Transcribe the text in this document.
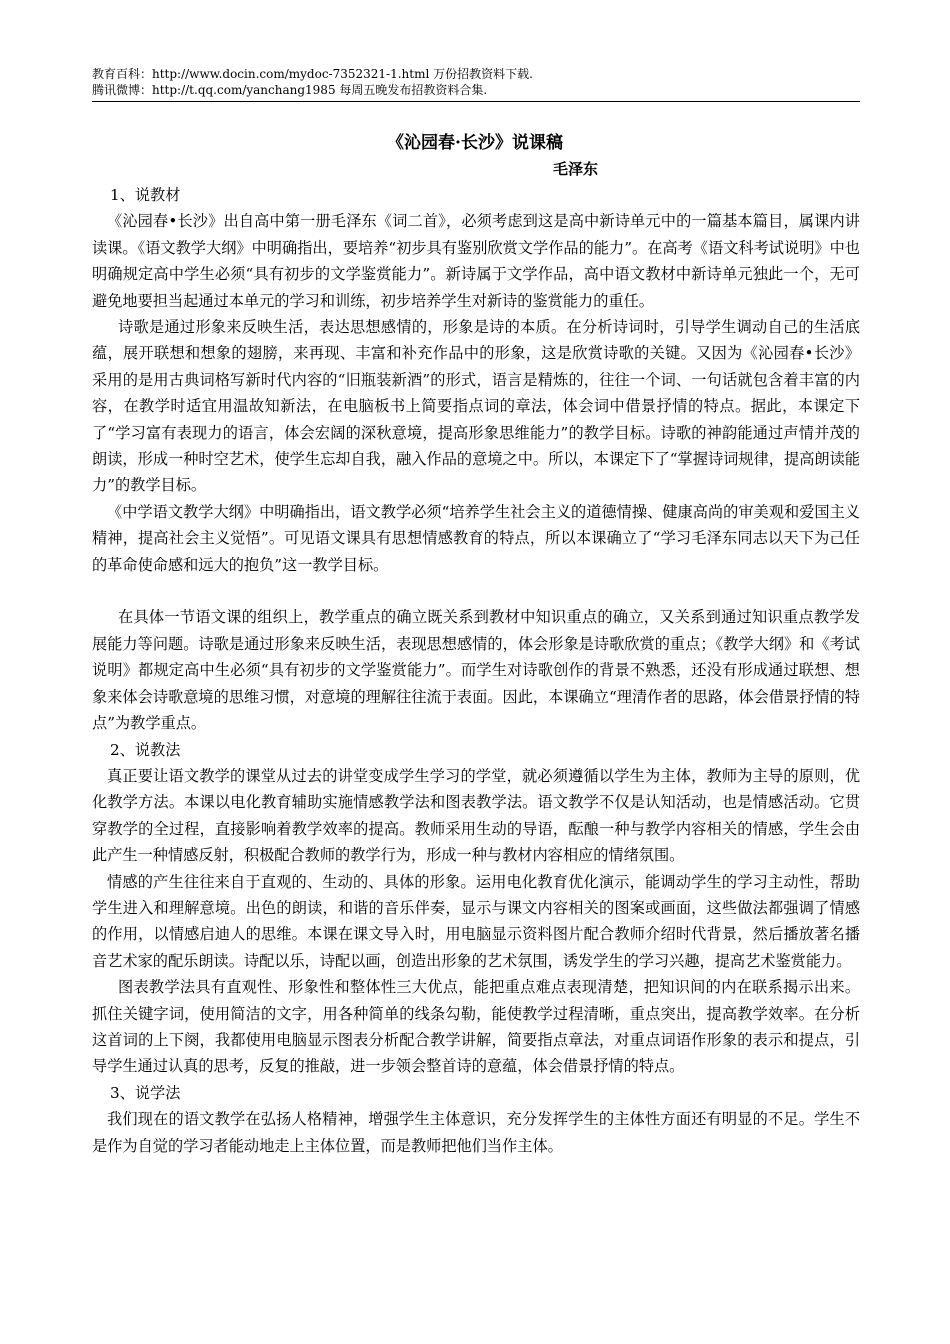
教育百科：http://www.docin.com/mydoc-7352321-1.html 万份招教资料下载.
腾讯微博：http://t.qq.com/yanchang1985 每周五晚发布招教资料合集.
《沁园春·长沙》说课稿
毛泽东

1、说教材

《沁园春•长沙》出自高中第一册毛泽东《词二首》，必须考虑到这是高中新诗单元中的一篇基本篇目，属课内讲读课。《语文教学大纲》中明确指出，要培养“初步具有鉴别欣赏文学作品的能力”。在高考《语文科考试说明》中也明确规定高中学生必须“具有初步的文学鉴赏能力”。新诗属于文学作品，高中语文教材中新诗单元独此一个，无可避免地要担当起通过本单元的学习和训练，初步培养学生对新诗的鉴赏能力的重任。

诗歌是通过形象来反映生活，表达思想感情的，形象是诗的本质。在分析诗词时，引导学生调动自己的生活底蕴，展开联想和想象的翅膀，来再现、丰富和补充作品中的形象，这是欣赏诗歌的关键。又因为《沁园春•长沙》采用的是用古典词格写新时代内容的“旧瓶装新酒”的形式，语言是精炼的，往往一个词、一句话就包含着丰富的内容，在教学时适宜用温故知新法，在电脑板书上简要指点词的章法，体会词中借景抒情的特点。据此，本课定下了“学习富有表现力的语言，体会宏阔的深秋意境，提高形象思维能力”的教学目标。诗歌的神韵能通过声情并茂的朗读，形成一种时空艺术，使学生忘却自我，融入作品的意境之中。所以，本课定下了“掌握诗词规律，提高朗读能力”的教学目标。

《中学语文教学大纲》中明确指出，语文教学必须“培养学生社会主义的道德情操、健康高尚的审美观和爱国主义精神，提高社会主义觉悟”。可见语文课具有思想情感教育的特点，所以本课确立了“学习毛泽东同志以天下为己任的革命使命感和远大的抱负”这一教学目标。

在具体一节语文课的组织上，教学重点的确立既关系到教材中知识重点的确立，又关系到通过知识重点教学发展能力等问题。诗歌是通过形象来反映生活，表现思想感情的，体会形象是诗歌欣赏的重点；《教学大纲》和《考试说明》都规定高中生必须“具有初步的文学鉴赏能力”。而学生对诗歌创作的背景不熟悉，还没有形成通过联想、想象来体会诗歌意境的思维习惯，对意境的理解往往流于表面。因此，本课确立“理清作者的思路，体会借景抒情的特点”为教学重点。

2、说教法

真正要让语文教学的课堂从过去的讲堂变成学生学习的学堂，就必须遵循以学生为主体，教师为主导的原则，优化教学方法。本课以电化教育辅助实施情感教学法和图表教学法。语文教学不仅是认知活动，也是情感活动。它贯穿教学的全过程，直接影响着教学效率的提高。教师采用生动的导语，酝酿一种与教学内容相关的情感，学生会由此产生一种情感反射，积极配合教师的教学行为，形成一种与教材内容相应的情绪氛围。

情感的产生往往来自于直观的、生动的、具体的形象。运用电化教育优化演示，能调动学生的学习主动性，帮助学生进入和理解意境。出色的朗读，和谐的音乐伴奏，显示与课文内容相关的图案或画面，这些做法都强调了情感的作用，以情感启迪人的思维。本课在课文导入时，用电脑显示资料图片配合教师介绍时代背景，然后播放著名播音艺术家的配乐朗读。诗配以乐，诗配以画，创造出形象的艺术氛围，诱发学生的学习兴趣，提高艺术鉴赏能力。

图表教学法具有直观性、形象性和整体性三大优点，能把重点难点表现清楚，把知识间的内在联系揭示出来。抓住关键字词，使用简洁的文字，用各种简单的线条勾勒，能使教学过程清晰，重点突出，提高教学效率。在分析这首词的上下阕，我都使用电脑显示图表分析配合教学讲解，简要指点章法，对重点词语作形象的表示和提点，引导学生通过认真的思考，反复的推敲，进一步领会整首诗的意蕴，体会借景抒情的特点。

3、说学法

我们现在的语文教学在弘扬人格精神，增强学生主体意识，充分发挥学生的主体性方面还有明显的不足。学生不是作为自觉的学习者能动地走上主体位置，而是教师把他们当作主体。
